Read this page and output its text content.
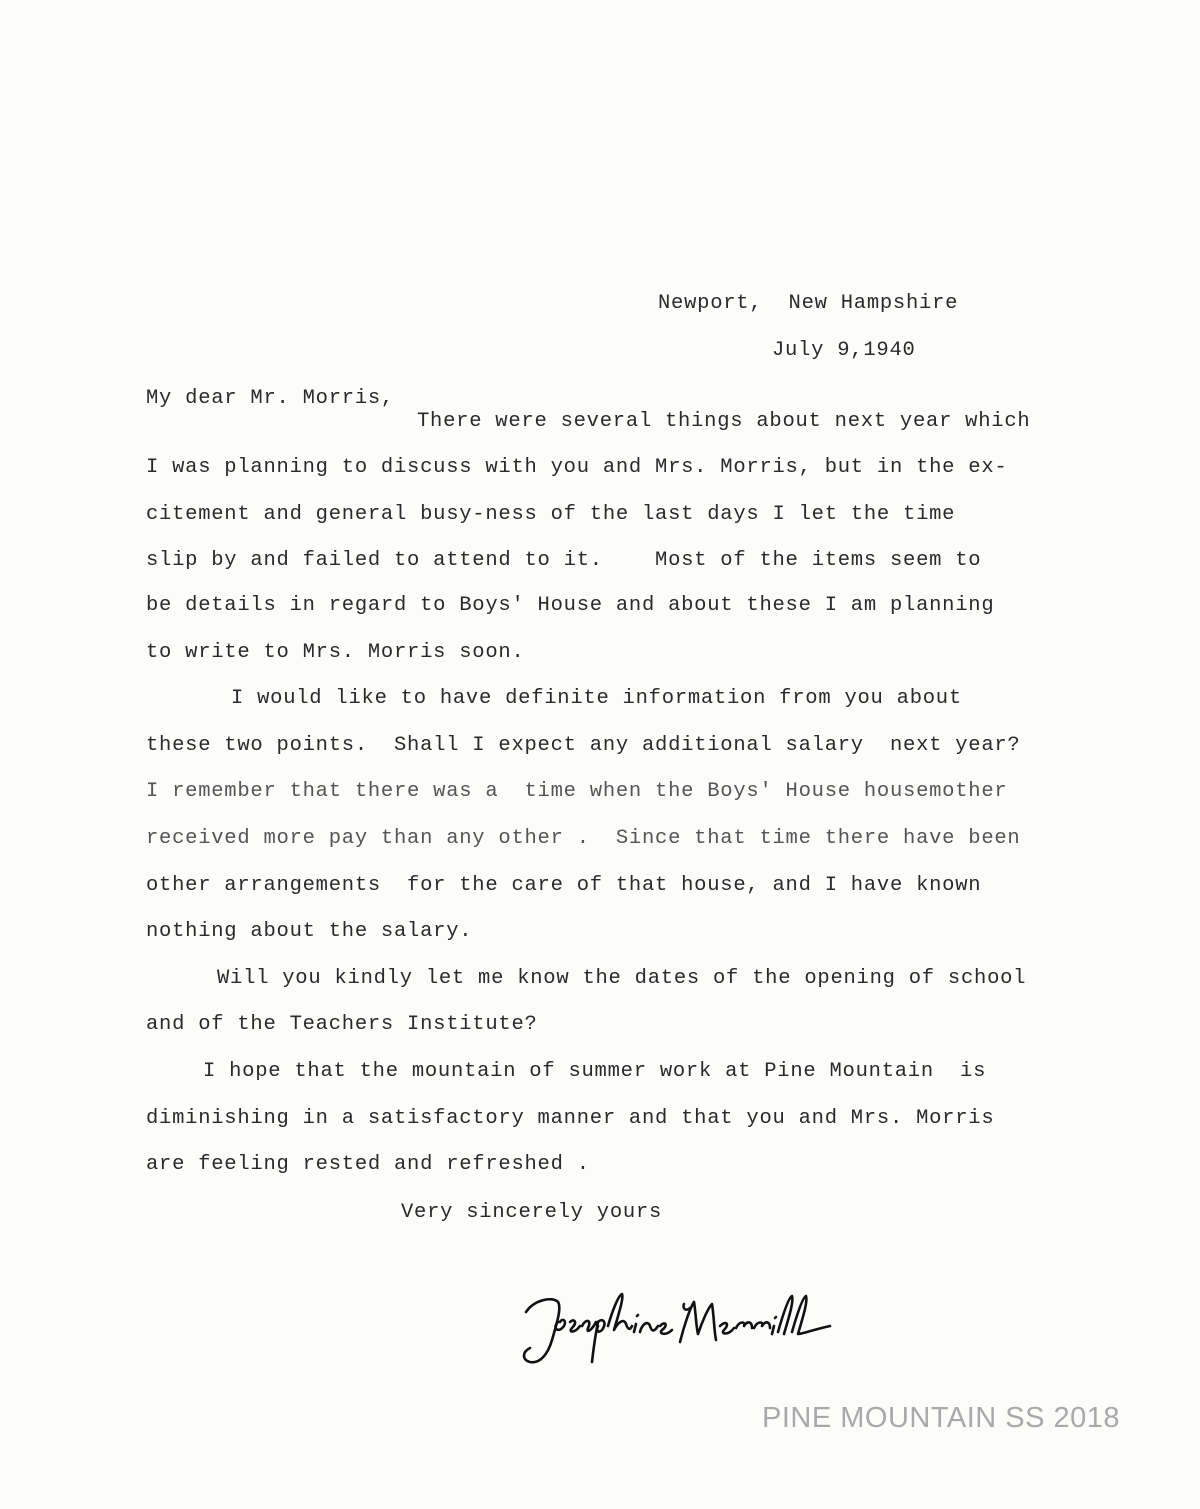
Newport,  New Hampshire

July 9,1940

My dear Mr. Morris,

There were several things about next year which

I was planning to discuss with you and Mrs. Morris, but in the ex-

citement and general busy-ness of the last days I let the time

slip by and failed to attend to it.    Most of the items seem to

be details in regard to Boys' House and about these I am planning

to write to Mrs. Morris soon.

I would like to have definite information from you about

these two points.  Shall I expect any additional salary  next year?

I remember that there was a  time when the Boys' House housemother

received more pay than any other .  Since that time there have been

other arrangements  for the care of that house, and I have known

nothing about the salary.

Will you kindly let me know the dates of the opening of school

and of the Teachers Institute?

I hope that the mountain of summer work at Pine Mountain  is

diminishing in a satisfactory manner and that you and Mrs. Morris

are feeling rested and refreshed .

Very sincerely yours

PINE MOUNTAIN SS 2018
